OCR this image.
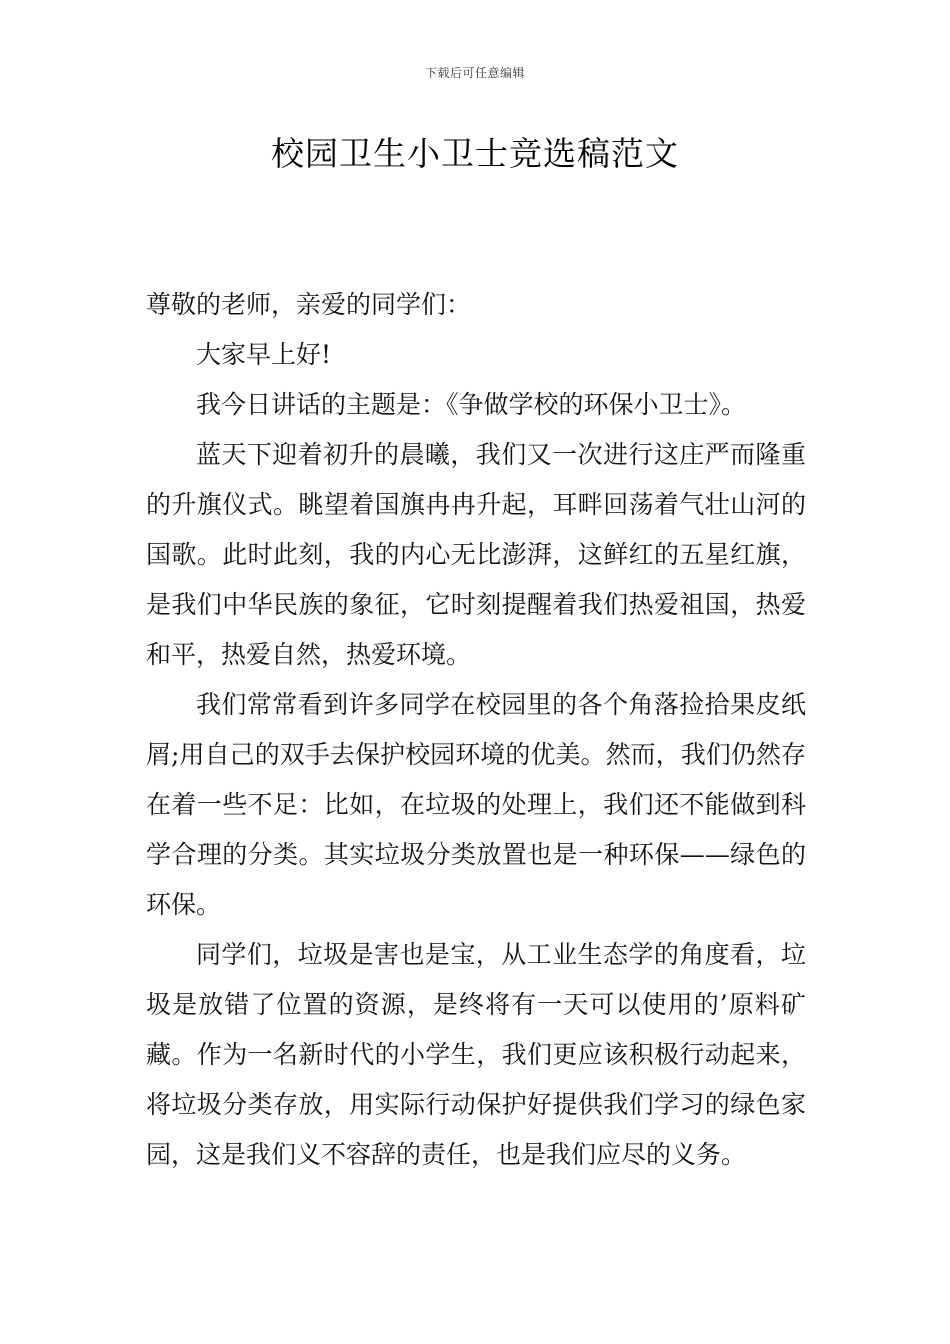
下载后可任意编辑
校园卫生小卫士竞选稿范文

尊敬的老师，亲爱的同学们：

大家早上好!

我今日讲话的主题是：《争做学校的环保小卫士》。

蓝天下迎着初升的晨曦，我们又一次进行这庄严而隆重的升旗仪式。眺望着国旗冉冉升起，耳畔回荡着气壮山河的国歌。此时此刻，我的内心无比澎湃，这鲜红的五星红旗，是我们中华民族的象征，它时刻提醒着我们热爱祖国，热爱和平，热爱自然，热爱环境。

我们常常看到许多同学在校园里的各个角落捡拾果皮纸屑;用自己的双手去保护校园环境的优美。然而，我们仍然存在着一些不足：比如，在垃圾的处理上，我们还不能做到科学合理的分类。其实垃圾分类放置也是一种环保——绿色的环保。

同学们，垃圾是害也是宝，从工业生态学的角度看，垃圾是放错了位置的资源，是终将有一天可以使用的’原料矿藏。作为一名新时代的小学生，我们更应该积极行动起来，将垃圾分类存放，用实际行动保护好提供我们学习的绿色家园，这是我们义不容辞的责任，也是我们应尽的义务。
